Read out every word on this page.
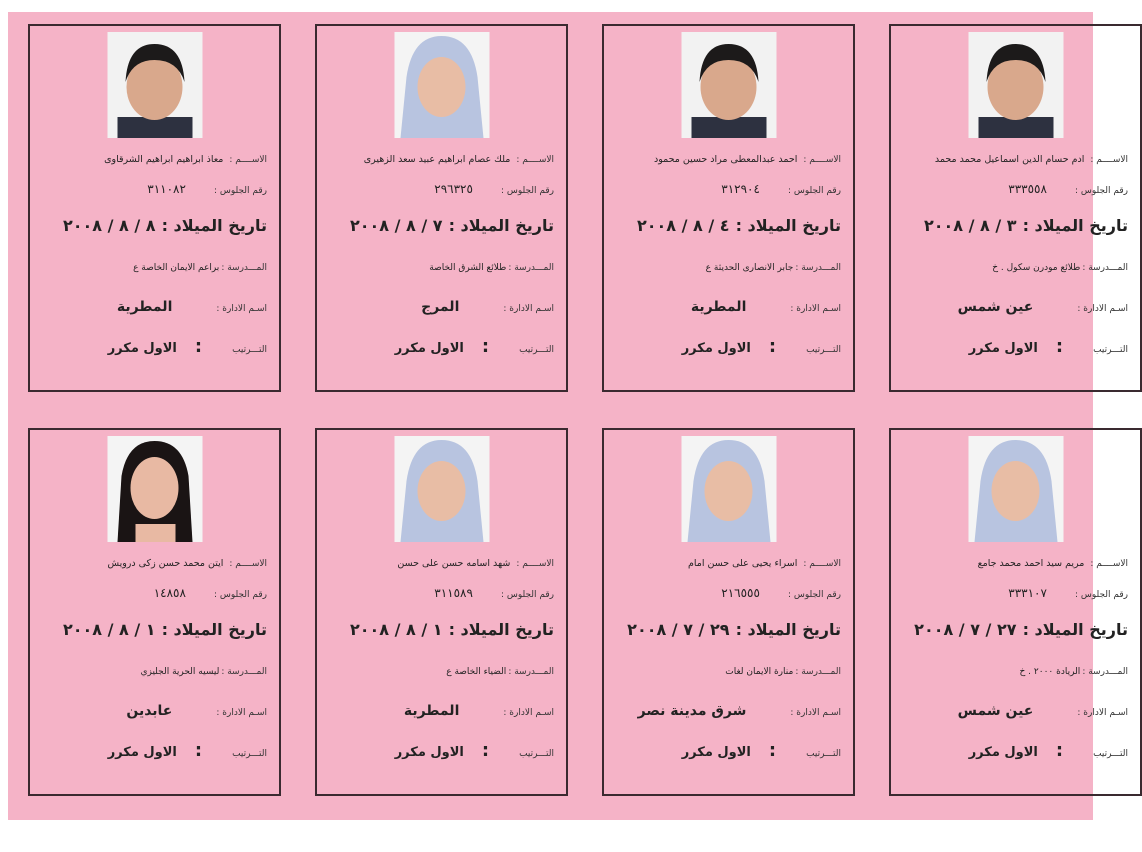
الاســــم :
معاذ ابراهيم ابراهيم الشرقاوى
رقم الجلوس :
٣١١٠٨٢
تاريخ الميلاد :

٨ / ٨ / ٢٠٠٨
المـــدرسة :
براعم الايمان الخاصة ع
اسـم الادارة :
المطرية
التـــرتيب
:
الاول مكرر
الاســــم :
ملك عصام ابراهيم عبيد سعد الزهيرى
رقم الجلوس :
٢٩٦٣٢٥
تاريخ الميلاد :

٧ / ٨ / ٢٠٠٨
المـــدرسة :
طلائع الشرق الخاصة
اسـم الادارة :
المرج
التـــرتيب
:
الاول مكرر
الاســــم :
احمد عبدالمعطى مراد حسين محمود
رقم الجلوس :
٣١٢٩٠٤
تاريخ الميلاد :

٤ / ٨ / ٢٠٠٨
المـــدرسة :
جابر الانصارى الحديثة ع
اسـم الادارة :
المطرية
التـــرتيب
:
الاول مكرر
الاســــم :
ادم حسام الدين اسماعيل محمد محمد
رقم الجلوس :
٣٣٣٥٥٨
تاريخ الميلاد :

٣ / ٨ / ٢٠٠٨
المـــدرسة :
طلائع مودرن سكول . خ
اسـم الادارة :
عين شمس
التـــرتيب
:
الاول مكرر
الاســــم :
ايتن محمد حسن زكى درويش
رقم الجلوس :
١٤٨٥٨
تاريخ الميلاد :

١ / ٨ / ٢٠٠٨
المـــدرسة :
ليسيه الحرية الجليزي
اسـم الادارة :
عابدين
التـــرتيب
:
الاول مكرر
الاســــم :
شهد اسامه حسن على حسن
رقم الجلوس :
٣١١٥٨٩
تاريخ الميلاد :

١ / ٨ / ٢٠٠٨
المـــدرسة :
الضياء الخاصة ع
اسـم الادارة :
المطرية
التـــرتيب
:
الاول مكرر
الاســــم :
اسراء يحيى على حسن امام
رقم الجلوس :
٢١٦٥٥٥
تاريخ الميلاد :

٢٩ / ٧ / ٢٠٠٨
المـــدرسة :
منارة الايمان لغات
اسـم الادارة :
شرق مدينة نصر
التـــرتيب
:
الاول مكرر
الاســــم :
مريم سيد احمد محمد جامع
رقم الجلوس :
٣٣٣١٠٧
تاريخ الميلاد :

٢٧ / ٧ / ٢٠٠٨
المـــدرسة :
الريادة ٢٠٠٠ . خ
اسـم الادارة :
عين شمس
التـــرتيب
:
الاول مكرر
